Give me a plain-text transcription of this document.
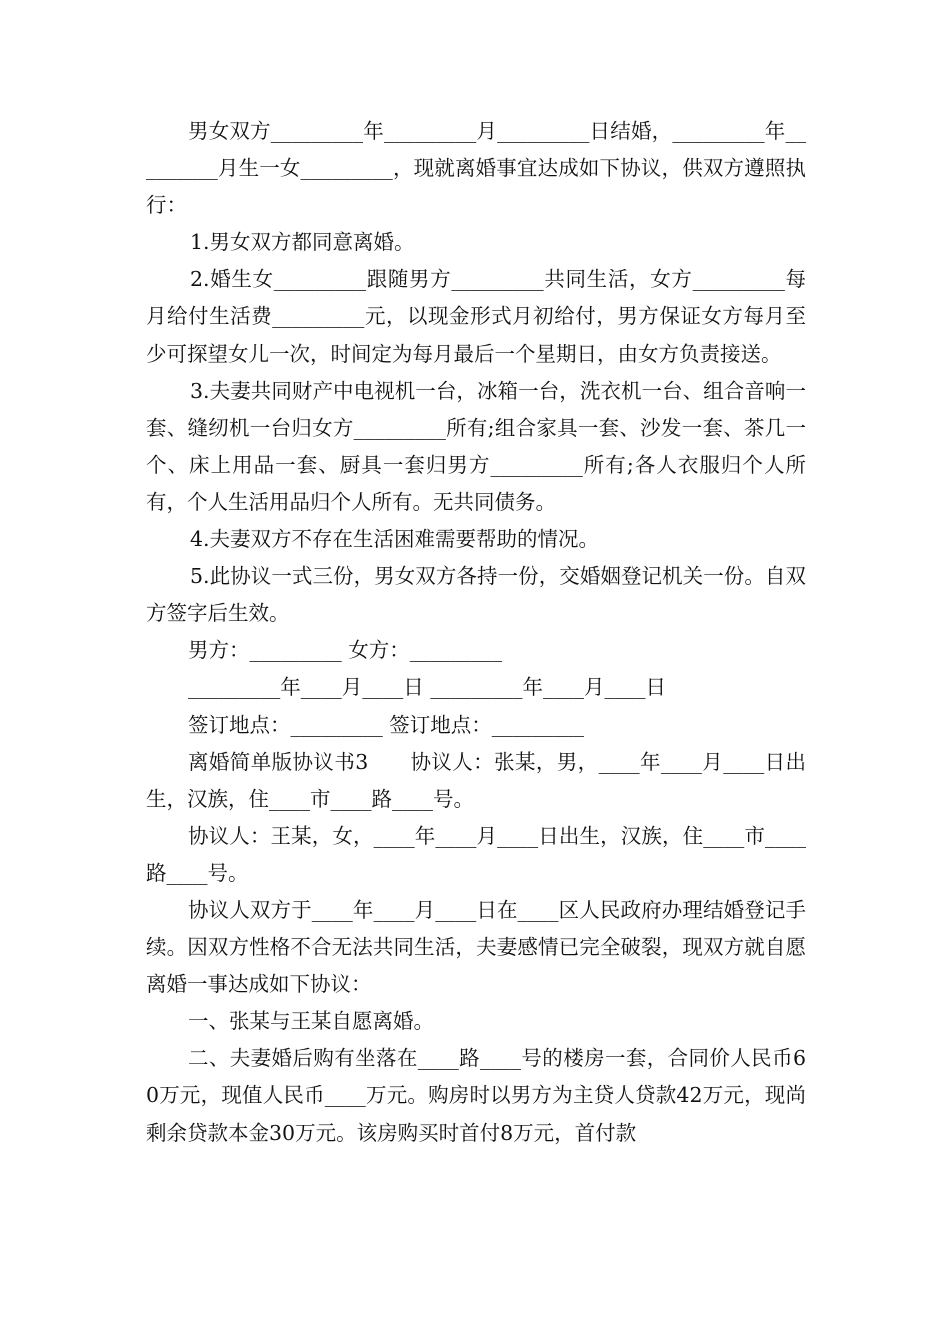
男女双方_________年_________月_________日结婚，_________年_________月生一女_________，现就离婚事宜达成如下协议，供双方遵照执行：

1.男女双方都同意离婚。

2.婚生女_________跟随男方_________共同生活，女方_________每月给付生活费_________元，以现金形式月初给付，男方保证女方每月至少可探望女儿一次，时间定为每月最后一个星期日，由女方负责接送。

3.夫妻共同财产中电视机一台，冰箱一台，洗衣机一台、组合音响一套、缝纫机一台归女方_________所有;组合家具一套、沙发一套、茶几一个、床上用品一套、厨具一套归男方_________所有;各人衣服归个人所有，个人生活用品归个人所有。无共同债务。

4.夫妻双方不存在生活困难需要帮助的情况。

5.此协议一式三份，男女双方各持一份，交婚姻登记机关一份。自双方签字后生效。

男方：_________ 女方：_________

_________年____月____日 _________年____月____日

签订地点：_________ 签订地点：_________

离婚简单版协议书3　　协议人：张某，男，____年____月____日出生，汉族，住____市____路____号。

协议人：王某，女，____年____月____日出生，汉族，住____市____路____号。

协议人双方于____年____月____日在____区人民政府办理结婚登记手续。因双方性格不合无法共同生活，夫妻感情已完全破裂，现双方就自愿离婚一事达成如下协议：

一、张某与王某自愿离婚。

二、夫妻婚后购有坐落在____路____号的楼房一套，合同价人民币60万元，现值人民币____万元。购房时以男方为主贷人贷款42万元，现尚剩余贷款本金30万元。该房购买时首付8万元，首付款
